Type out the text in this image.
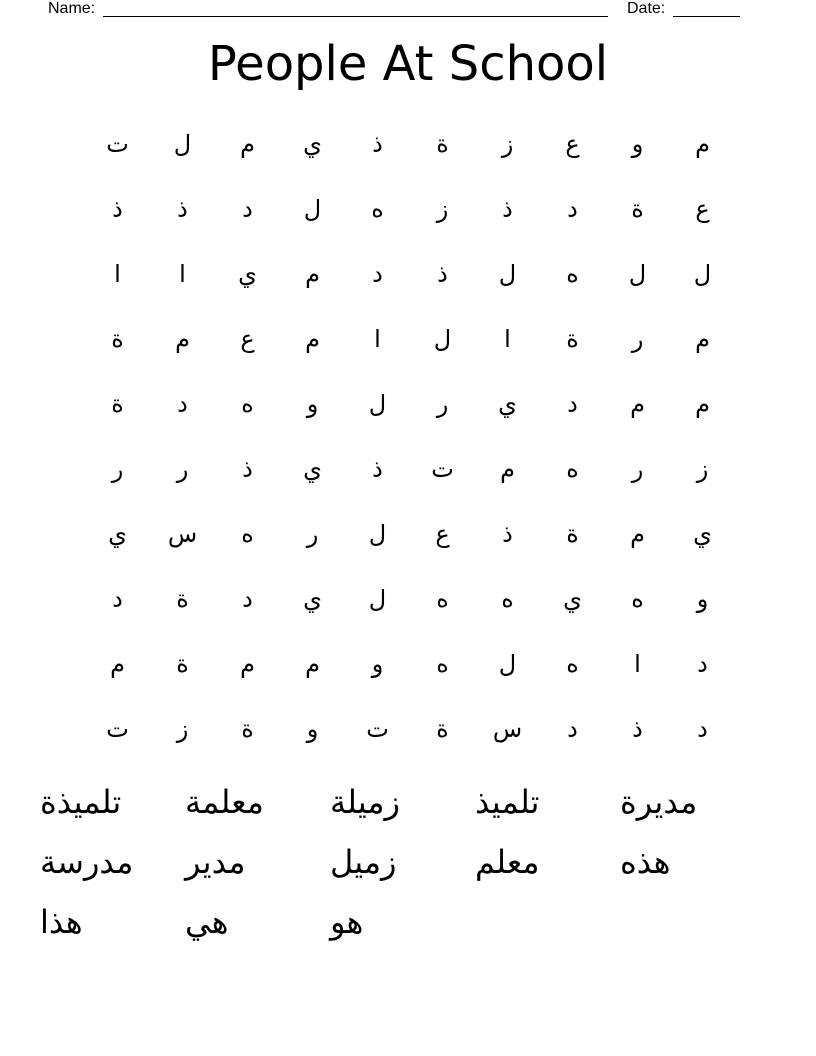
Name:	Date:
People At School
ت	ل	م	ي	ذ	ة	ز	ع	و	م
ذ	ذ	د	ل	ه	ز	ذ	د	ة	ع
ا	ا	ي	م	د	ذ	ل	ه	ل	ل
ة	م	ع	م	ا	ل	ا	ة	ر	م
ة	د	ه	و	ل	ر	ي	د	م	م
ر	ر	ذ	ي	ذ	ت	م	ه	ر	ز
ي	س	ه	ر	ل	ع	ذ	ة	م	ي
د	ة	د	ي	ل	ه	ه	ي	ه	و
م	ة	م	م	و	ه	ل	ه	ا	د
ت	ز	ة	و	ت	ة	س	د	ذ	د
تلميذة	معلمة	زميلة	تلميذ	مديرة
مدرسة	مدير	زميل	معلم	هذه
هذا	هي	هو
